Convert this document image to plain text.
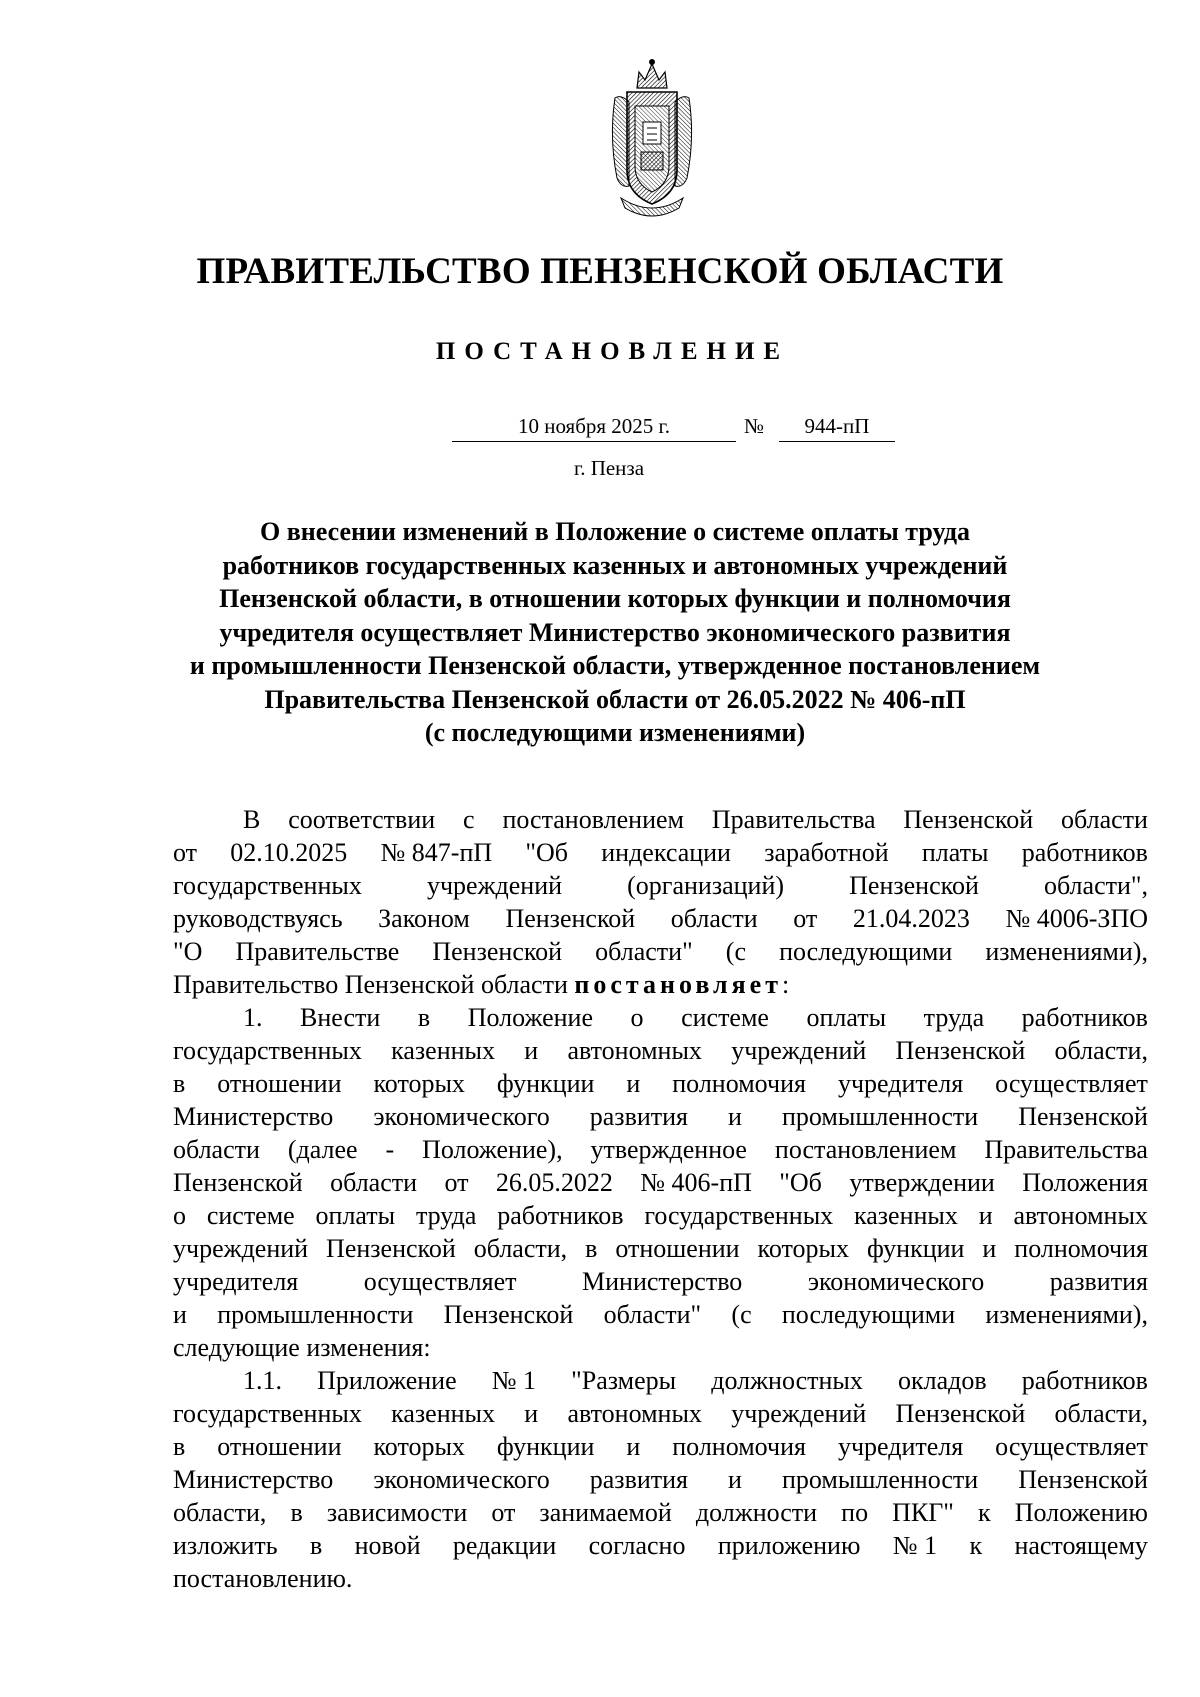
ПРАВИТЕЛЬСТВО ПЕНЗЕНСКОЙ ОБЛАСТИ
ПОСТАНОВЛЕНИЕ
10 ноября 2025 г.	№	944-пП
г. Пенза
О внесении изменений в Положение о системе оплаты труда
работников государственных казенных и автономных учреждений
Пензенской области, в отношении которых функции и полномочия
учредителя осуществляет Министерство экономического развития
и промышленности Пензенской области, утвержденное постановлением
Правительства Пензенской области от 26.05.2022 № 406-пП
(с последующими изменениями)
В соответствии с постановлением Правительства Пензенской области
от 02.10.2025 № 847-пП "Об индексации заработной платы работников
государственных	учреждений	(организаций)	Пензенской	области",
руководствуясь Законом Пензенской области от 21.04.2023 № 4006-ЗПО
"О Правительстве Пензенской области" (с последующими изменениями),
Правительство Пензенской области постановляет :
1. Внести в Положение о системе оплаты труда работников
государственных казенных и автономных учреждений Пензенской области,
в отношении которых функции и полномочия учредителя осуществляет
Министерство экономического развития и промышленности Пензенской
области (далее - Положение), утвержденное постановлением Правительства
Пензенской области от 26.05.2022 № 406-пП "Об утверждении Положения
о системе оплаты труда работников государственных казенных и автономных
учреждений Пензенской области, в отношении которых функции и полномочия
учредителя	осуществляет	Министерство	экономического	развития
и промышленности Пензенской области" (с последующими изменениями),
следующие изменения:
1.1. Приложение № 1 "Размеры должностных окладов работников
государственных казенных и автономных учреждений Пензенской области,
в отношении которых функции и полномочия учредителя осуществляет
Министерство экономического развития и промышленности Пензенской
области, в зависимости от занимаемой должности по ПКГ" к Положению
изложить в новой редакции согласно приложению № 1 к настоящему
постановлению.
